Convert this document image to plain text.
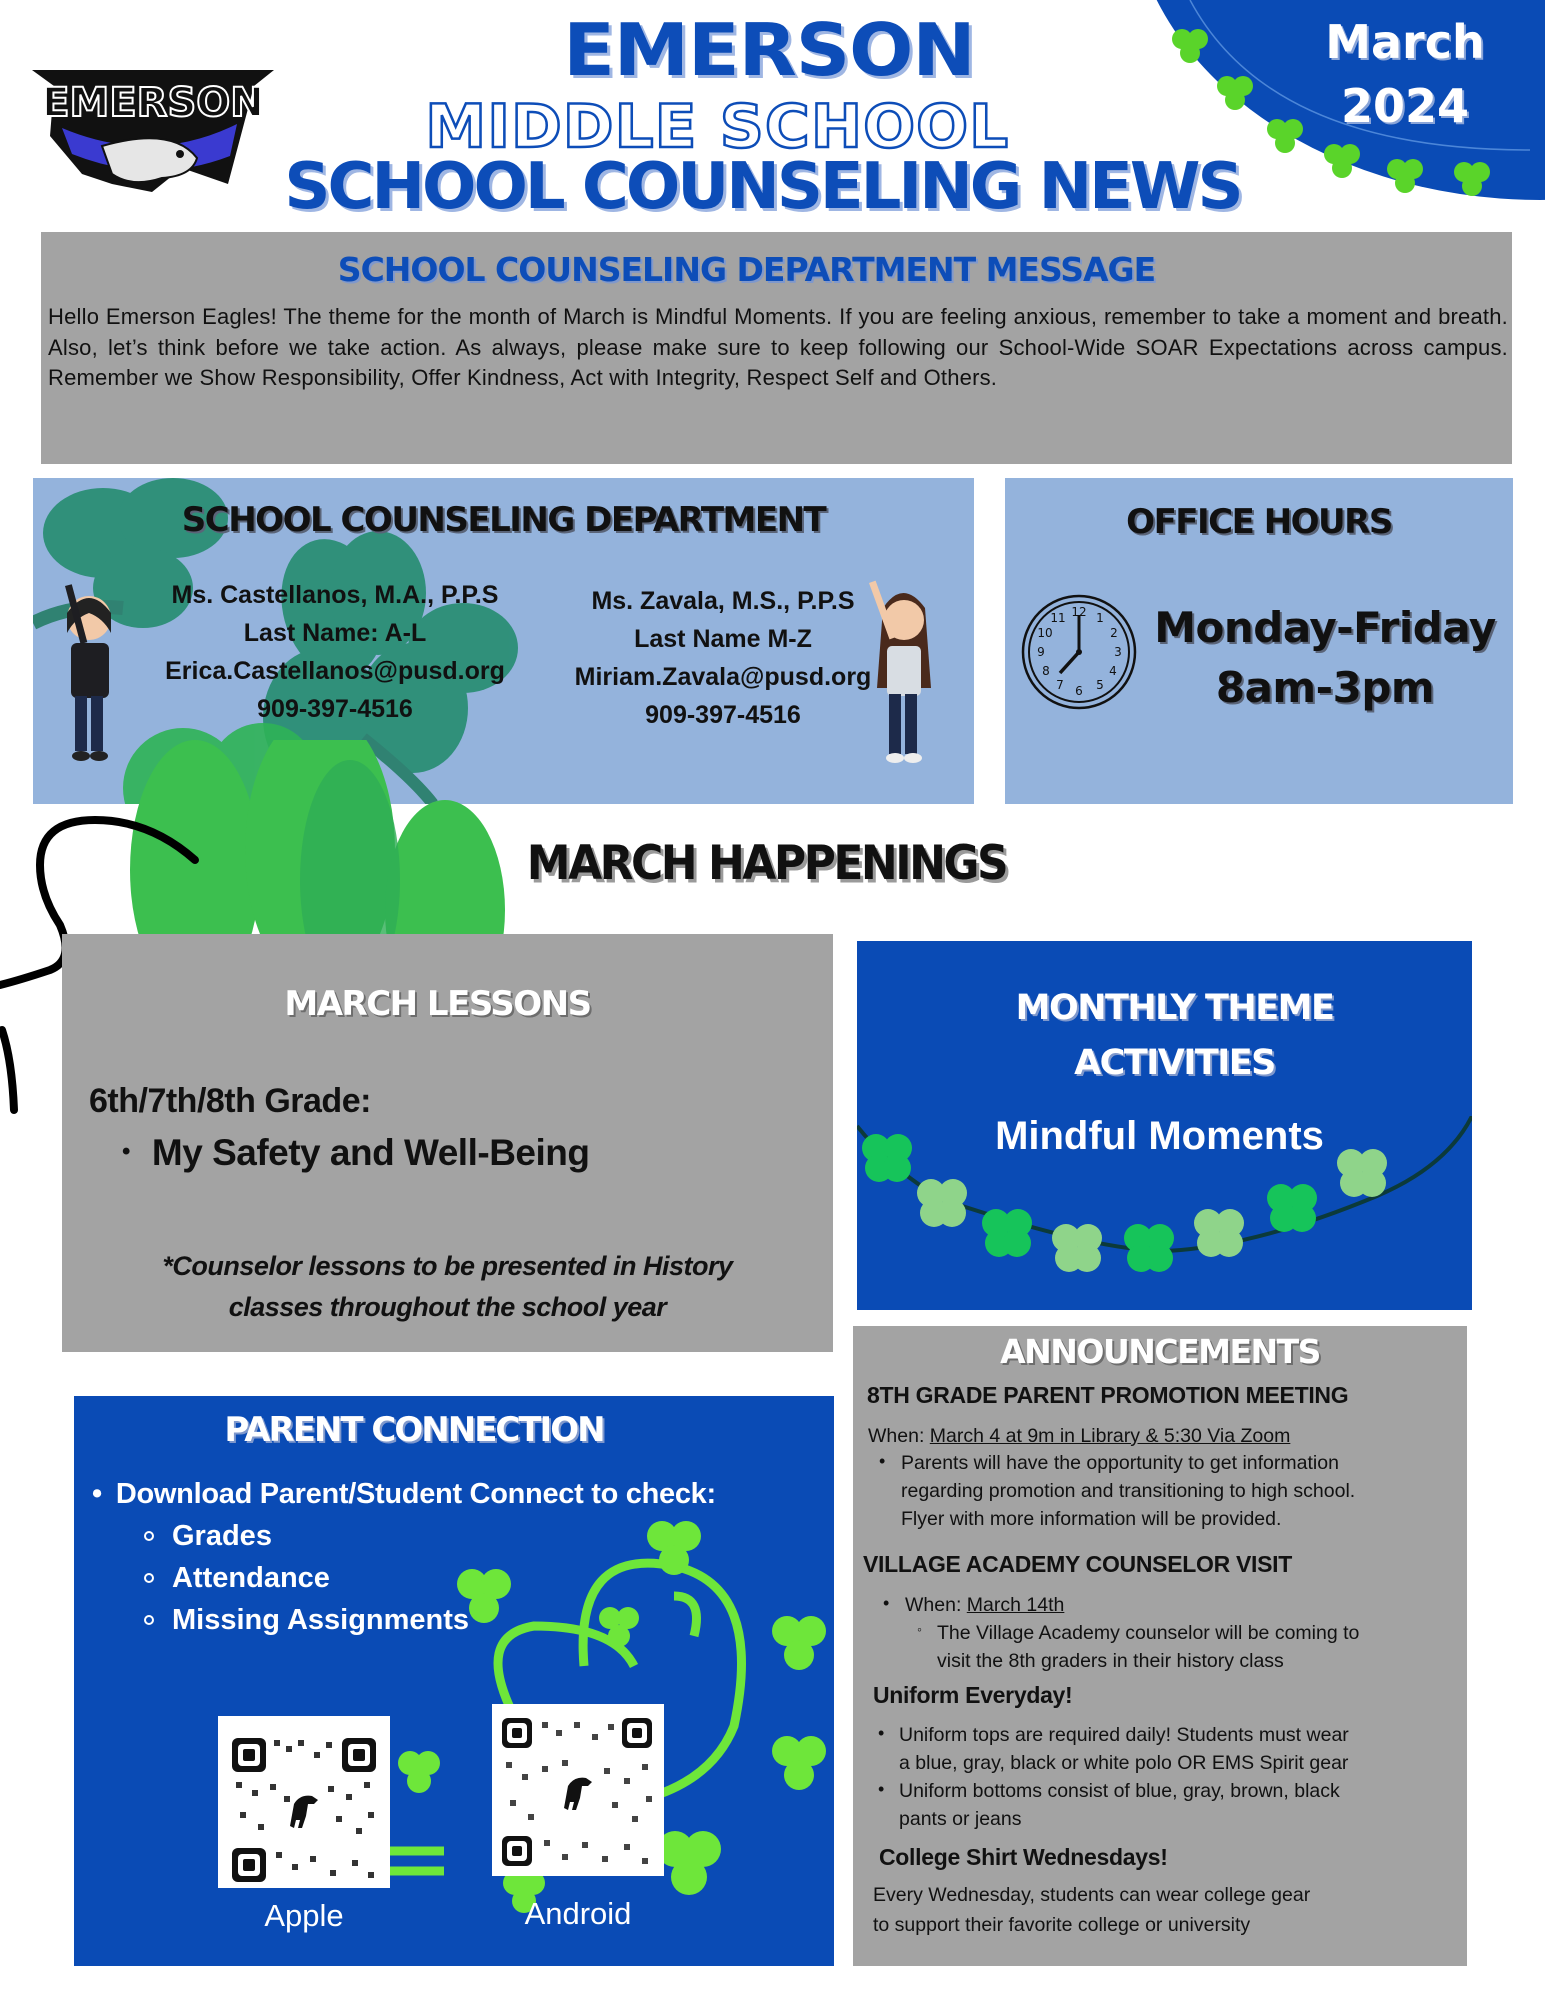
March
2024
EMERSON
EMERSON
MIDDLE SCHOOL
SCHOOL COUNSELING NEWS
SCHOOL COUNSELING DEPARTMENT MESSAGE

Hello Emerson Eagles! The theme for the month of March is Mindful Moments. If you are feeling anxious, remember to take a moment and breath. Also, let’s think before we take action. As always, please make sure to keep following our School-Wide SOAR Expectations across campus. Remember we Show Responsibility, Offer Kindness, Act with Integrity, Respect Self and Others.

SCHOOL COUNSELING DEPARTMENT
Ms. Castellanos, M.A., P.P.S
Last Name: A-L
Erica.Castellanos@pusd.org
909-397-4516
Ms. Zavala, M.S., P.P.S
Last Name M-Z
Miriam.Zavala@pusd.org
909-397-4516
OFFICE HOURS
12 1
2
3
4
5
6
7
8
9
10
11	Monday-Friday
8am-3pm
MARCH HAPPENINGS
MARCH LESSONS
6th/7th/8th Grade:
• My Safety and Well-Being
*Counselor lessons to be presented in History
classes throughout the school year
MONTHLY THEME
ACTIVITIES
Mindful Moments
ANNOUNCEMENTS
8TH GRADE PARENT PROMOTION MEETING
When: March 4 at 9m in Library & 5:30 Via Zoom
• Parents will have the opportunity to get information
regarding promotion and transitioning to high school.
Flyer with more information will be provided.
VILLAGE ACADEMY COUNSELOR VISIT
• When: March 14th
◦ The Village Academy counselor will be coming to
visit the 8th graders in their history class
Uniform Everyday!
• Uniform tops are required daily! Students must wear
a blue, gray, black or white polo OR EMS Spirit gear
• Uniform bottoms consist of blue, gray, brown, black
pants or jeans
College Shirt Wednesdays!
Every Wednesday, students can wear college gear
to support their favorite college or university
PARENT CONNECTION
• Download Parent/Student Connect to check:
Grades
Attendance
Missing Assignments
Apple	Android
